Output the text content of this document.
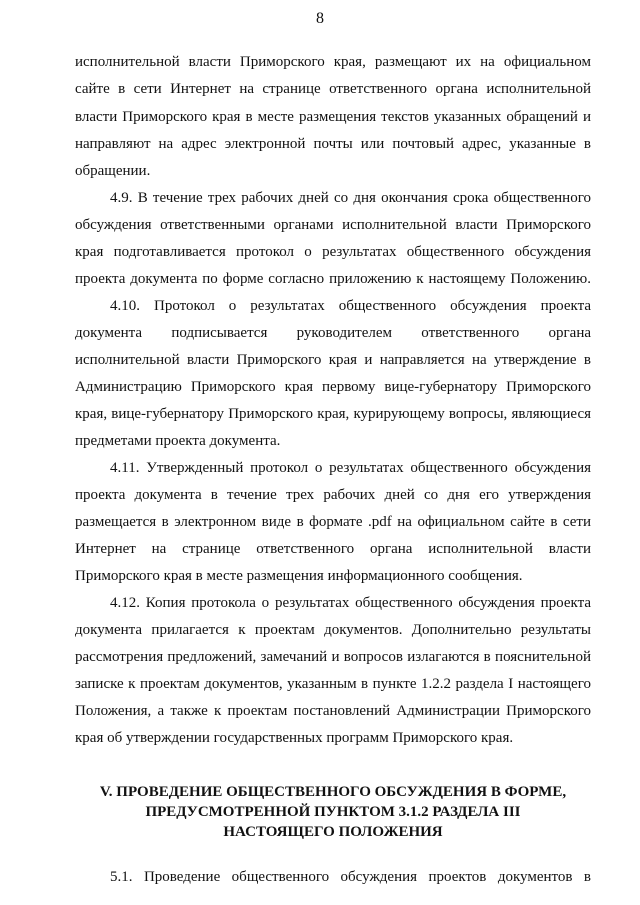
8
исполнительной власти Приморского края, размещают их на официальном
сайте в сети Интернет на странице ответственного органа исполнительной
власти Приморского края в месте размещения текстов указанных обращений и
направляют на адрес электронной почты или почтовый адрес, указанные в
обращении.
4.9. В течение трех рабочих дней со дня окончания срока общественного
обсуждения ответственными органами исполнительной власти Приморского
края подготавливается протокол о результатах общественного обсуждения
проекта документа по форме согласно приложению к настоящему Положению.
4.10. Протокол о результатах общественного обсуждения проекта
документа подписывается руководителем ответственного органа
исполнительной власти Приморского края и направляется на утверждение в
Администрацию Приморского края первому вице-губернатору Приморского
края, вице-губернатору Приморского края, курирующему вопросы, являющиеся
предметами проекта документа.
4.11. Утвержденный протокол о результатах общественного обсуждения
проекта документа в течение трех рабочих дней со дня его утверждения
размещается в электронном виде в формате .pdf на официальном сайте в сети
Интернет на странице ответственного органа исполнительной власти
Приморского края в месте размещения информационного сообщения.
4.12. Копия протокола о результатах общественного обсуждения проекта
документа прилагается к проектам документов. Дополнительно результаты
рассмотрения предложений, замечаний и вопросов излагаются в пояснительной
записке к проектам документов, указанным в пункте 1.2.2 раздела I настоящего
Положения, а также к проектам постановлений Администрации Приморского
края об утверждении государственных программ Приморского края.
V. ПРОВЕДЕНИЕ ОБЩЕСТВЕННОГО ОБСУЖДЕНИЯ В ФОРМЕ,
ПРЕДУСМОТРЕННОЙ ПУНКТОМ 3.1.2 РАЗДЕЛА III
НАСТОЯЩЕГО ПОЛОЖЕНИЯ
5.1. Проведение общественного обсуждения проектов документов в
